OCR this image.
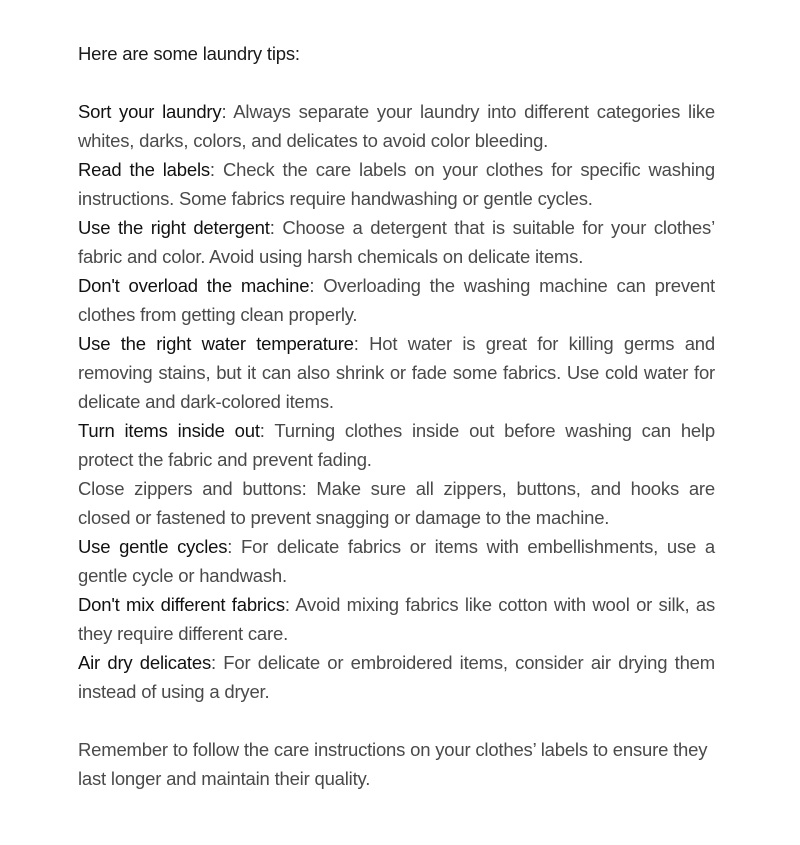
Here are some laundry tips:

Sort your laundry: Always separate your laundry into different categories like whites, darks, colors, and delicates to avoid color bleeding.
Read the labels: Check the care labels on your clothes for specific washing instructions. Some fabrics require handwashing or gentle cycles.
Use the right detergent: Choose a detergent that is suitable for your clothes’ fabric and color. Avoid using harsh chemicals on delicate items.
Don't overload the machine: Overloading the washing machine can prevent clothes from getting clean properly.
Use the right water temperature: Hot water is great for killing germs and removing stains, but it can also shrink or fade some fabrics. Use cold water for delicate and dark-colored items.
Turn items inside out: Turning clothes inside out before washing can help protect the fabric and prevent fading.
Close zippers and buttons: Make sure all zippers, buttons, and hooks are closed or fastened to prevent snagging or damage to the machine.
Use gentle cycles: For delicate fabrics or items with embellishments, use a gentle cycle or handwash.
Don't mix different fabrics: Avoid mixing fabrics like cotton with wool or silk, as they require different care.
Air dry delicates: For delicate or embroidered items, consider air drying them instead of using a dryer.

Remember to follow the care instructions on your clothes’ labels to ensure they last longer and maintain their quality.
